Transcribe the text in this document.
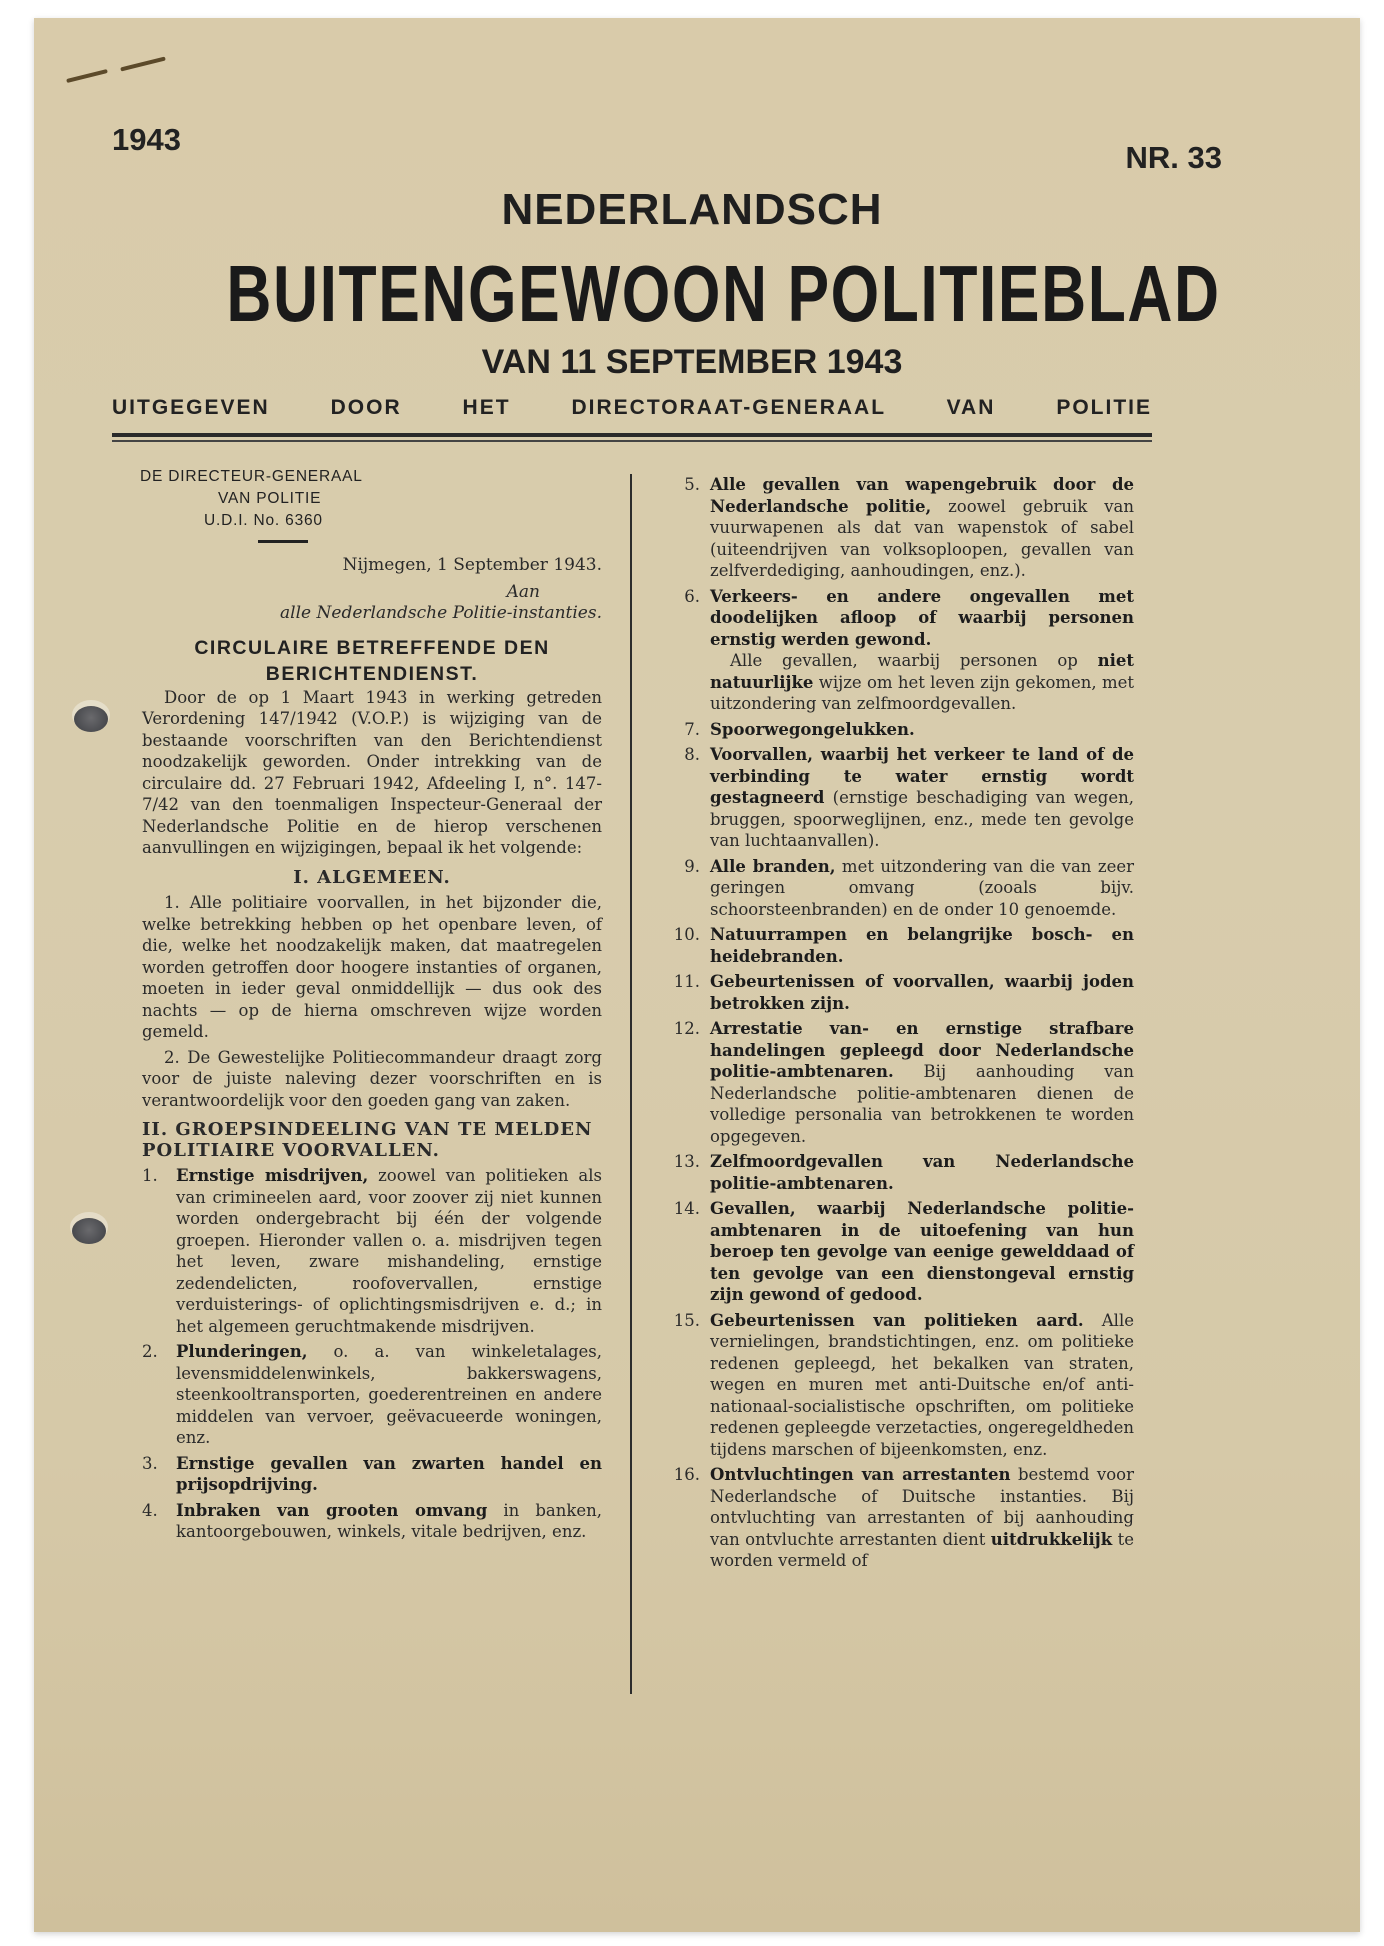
1943
NR. 33
NEDERLANDSCH
BUITENGEWOON POLITIEBLAD
VAN 11 SEPTEMBER 1943
UITGEGEVEN DOOR HET DIRECTORAAT-GENERAAL VAN POLITIE
DE DIRECTEUR-GENERAAL
VAN POLITIE
U.D.I. No. 6360
Nijmegen, 1 September 1943.
Aan
alle Nederlandsche Politie-instanties.
CIRCULAIRE BETREFFENDE DEN BERICHTENDIENST.

Door de op 1 Maart 1943 in werking getreden Verordening 147/1942 (V.O.P.) is wijziging van de bestaande voorschriften van den Berichtendienst noodzakelijk geworden. Onder intrekking van de circulaire dd. 27 Februari 1942, Afdeeling I, n°. 147-7/42 van den toenmaligen Inspecteur-Generaal der Nederlandsche Politie en de hierop verschenen aanvullingen en wijzigingen, bepaal ik het volgende:

I. ALGEMEEN.

1. Alle politiaire voorvallen, in het bijzonder die, welke betrekking hebben op het openbare leven, of die, welke het noodzakelijk maken, dat maatregelen worden getroffen door hoogere instanties of organen, moeten in ieder geval onmiddellijk — dus ook des nachts — op de hierna omschreven wijze worden gemeld.

2. De Gewestelijke Politiecommandeur draagt zorg voor de juiste naleving dezer voorschriften en is verantwoordelijk voor den goeden gang van zaken.

II. GROEPSINDEELING VAN TE MELDEN POLITIAIRE VOORVALLEN.
1.	Ernstige misdrijven, zoowel van politieken als van crimineelen aard, voor zoover zij niet kunnen worden ondergebracht bij één der volgende groepen. Hieronder vallen o. a. misdrijven tegen het leven, zware mishandeling, ernstige zedendelicten, roofovervallen, ernstige verduisterings- of oplichtingsmisdrijven e. d.; in het algemeen geruchtmakende misdrijven.
2.	Plunderingen, o. a. van winkeletalages, levensmiddelenwinkels, bakkerswagens, steenkooltransporten, goederentreinen en andere middelen van vervoer, geëvacueerde woningen, enz.
3.	Ernstige gevallen van zwarten handel en prijsopdrijving.
4.	Inbraken van grooten omvang in banken, kantoorgebouwen, winkels, vitale bedrijven, enz.
5. Alle gevallen van wapengebruik door de Nederlandsche politie, zoowel gebruik van vuurwapenen als dat van wapenstok of sabel (uiteendrijven van volksoploopen, gevallen van zelfverdediging, aanhoudingen, enz.).
6. Verkeers- en andere ongevallen met doodelijken afloop of waarbij personen ernstig werden gewond.
Alle gevallen, waarbij personen op niet natuurlijke wijze om het leven zijn gekomen, met uitzondering van zelfmoordgevallen.
7. Spoorwegongelukken.
8. Voorvallen, waarbij het verkeer te land of de verbinding te water ernstig wordt gestagneerd (ernstige beschadiging van wegen, bruggen, spoorweglijnen, enz., mede ten gevolge van luchtaanvallen).
9. Alle branden, met uitzondering van die van zeer geringen omvang (zooals bijv. schoorsteenbranden) en de onder 10 genoemde.
10. Natuurrampen en belangrijke bosch- en heidebranden.
11. Gebeurtenissen of voorvallen, waarbij joden betrokken zijn.
12. Arrestatie van- en ernstige strafbare handelingen gepleegd door Nederlandsche politie-ambtenaren. Bij aanhouding van Nederlandsche politie-ambtenaren dienen de volledige personalia van betrokkenen te worden opgegeven.
13. Zelfmoordgevallen van Nederlandsche politie-ambtenaren.
14. Gevallen, waarbij Nederlandsche politie-ambtenaren in de uitoefening van hun beroep ten gevolge van eenige gewelddaad of ten gevolge van een dienstongeval ernstig zijn gewond of gedood.
15. Gebeurtenissen van politieken aard. Alle vernielingen, brandstichtingen, enz. om politieke redenen gepleegd, het bekalken van straten, wegen en muren met anti-Duitsche en/of anti-nationaal-socialistische opschriften, om politieke redenen gepleegde verzetacties, ongeregeldheden tijdens marschen of bijeenkomsten, enz.
16. Ontvluchtingen van arrestanten bestemd voor Nederlandsche of Duitsche instanties. Bij ontvluchting van arrestanten of bij aanhouding van ontvluchte arrestanten dient uitdrukkelijk te worden vermeld of
